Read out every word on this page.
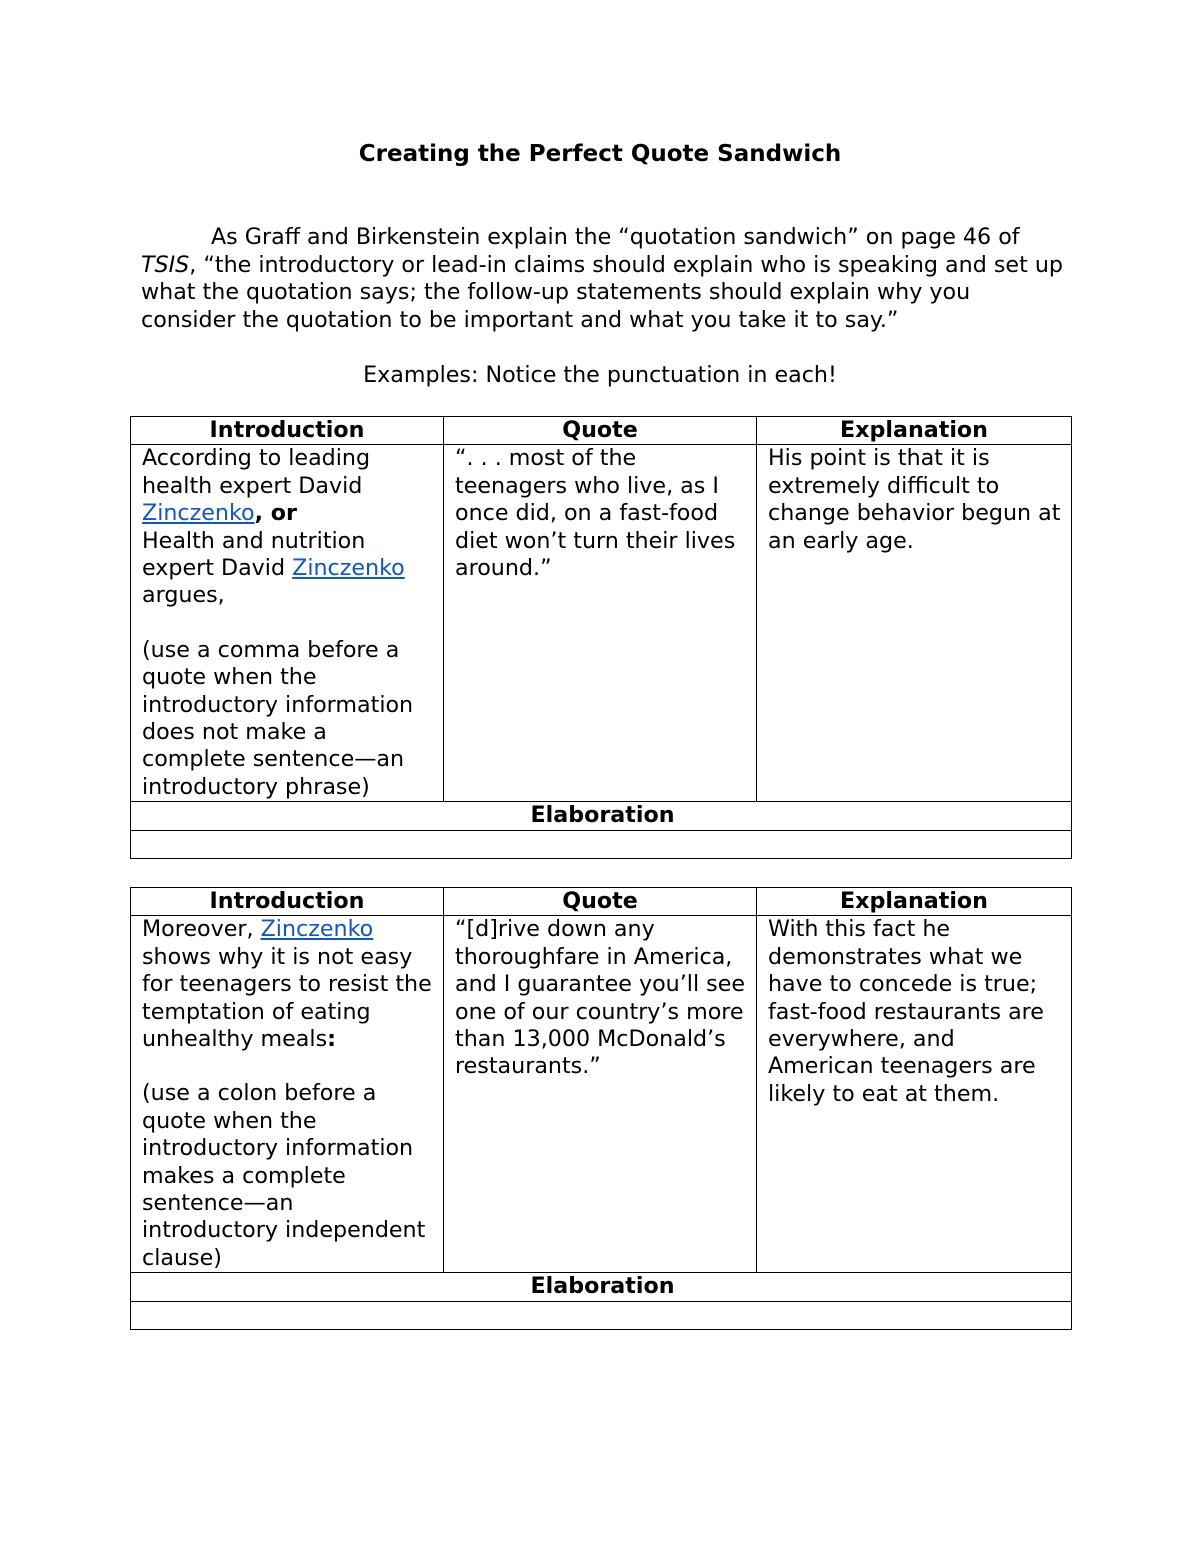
Creating the Perfect Quote Sandwich
As Graff and Birkenstein explain the “quotation sandwich” on page 46 of TSIS, “the introductory or lead-in claims should explain who is speaking and set up what the quotation says; the follow-up statements should explain why you consider the quotation to be important and what you take it to say.”
Examples: Notice the punctuation in each!
Introduction	Quote	Explanation
According to leading health expert David Zinczenko, or
Health and nutrition expert David Zinczenko argues,
(use a comma before a quote when the introductory information does not make a complete sentence—an introductory phrase)	“. . . most of the teenagers who live, as I once did, on a fast-food diet won’t turn their lives around.”	His point is that it is extremely difficult to change behavior begun at an early age.
Elaboration		

Introduction	Quote	Explanation
Moreover, Zinczenko shows why it is not easy for teenagers to resist the temptation of eating unhealthy meals:
(use a colon before a quote when the introductory information makes a complete sentence—an introductory independent clause)	“[d]rive down any thoroughfare in America, and I guarantee you’ll see one of our country’s more than 13,000 McDonald’s restaurants.”	With this fact he demonstrates what we have to concede is true; fast-food restaurants are everywhere, and American teenagers are likely to eat at them.
Elaboration		
